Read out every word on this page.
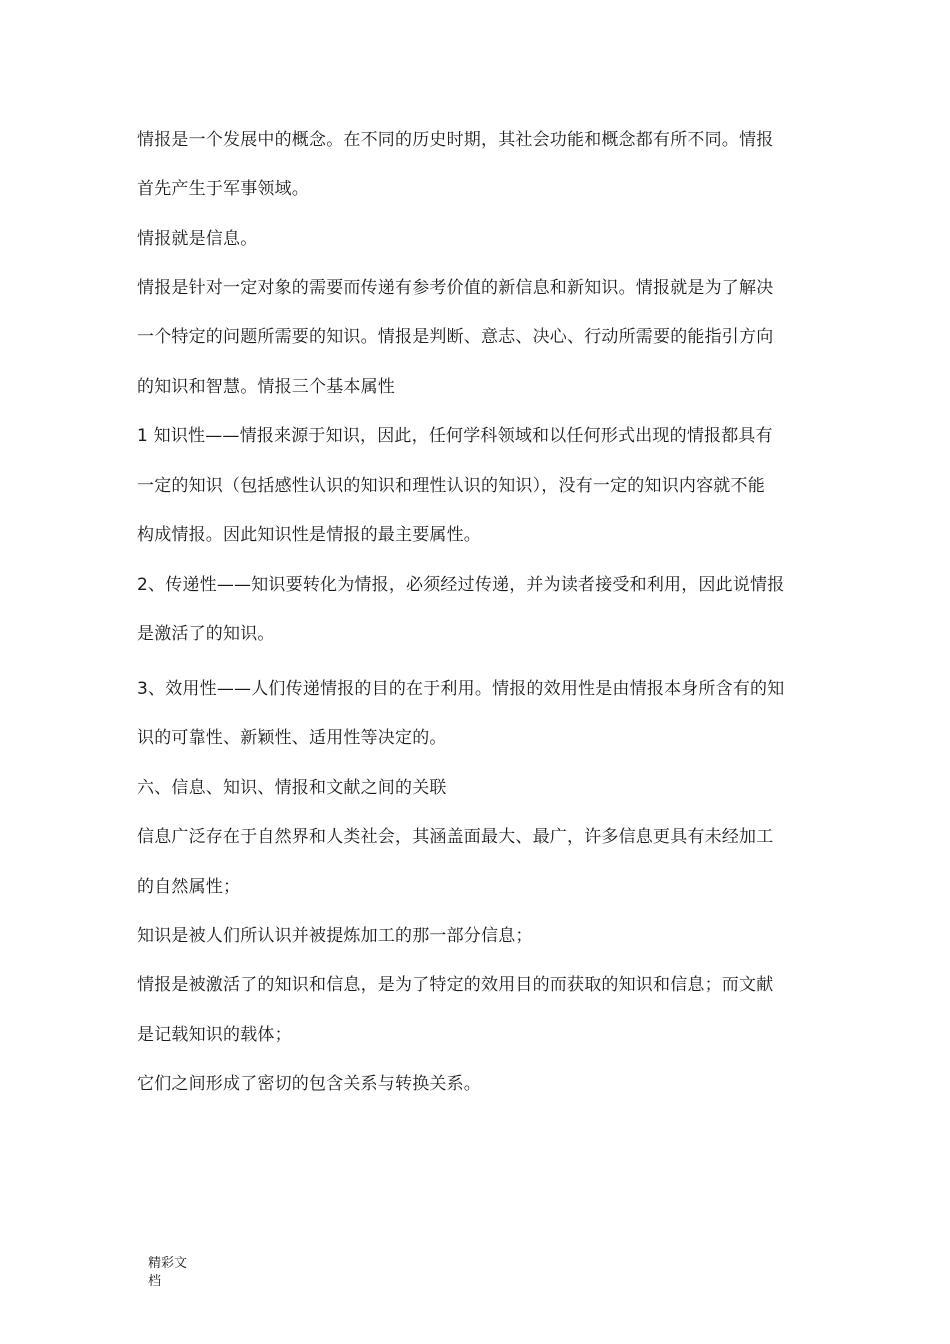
情报是一个发展中的概念。在不同的历史时期，其社会功能和概念都有所不同。情报
首先产生于军事领域。
情报就是信息。
情报是针对一定对象的需要而传递有参考价值的新信息和新知识。情报就是为了解决
一个特定的问题所需要的知识。情报是判断、意志、决心、行动所需要的能指引方向
的知识和智慧。情报三个基本属性
1 知识性——情报来源于知识，因此，任何学科领域和以任何形式出现的情报都具有
一定的知识（包括感性认识的知识和理性认识的知识），没有一定的知识内容就不能
构成情报。因此知识性是情报的最主要属性。
2、传递性——知识要转化为情报，必须经过传递，并为读者接受和利用，因此说情报
是激活了的知识。
3、效用性——人们传递情报的目的在于利用。情报的效用性是由情报本身所含有的知
识的可靠性、新颖性、适用性等决定的。
六、信息、知识、情报和文献之间的关联
信息广泛存在于自然界和人类社会，其涵盖面最大、最广，许多信息更具有未经加工
的自然属性；
知识是被人们所认识并被提炼加工的那一部分信息；
情报是被激活了的知识和信息，是为了特定的效用目的而获取的知识和信息；而文献
是记载知识的载体；
它们之间形成了密切的包含关系与转换关系。
精彩文
档
